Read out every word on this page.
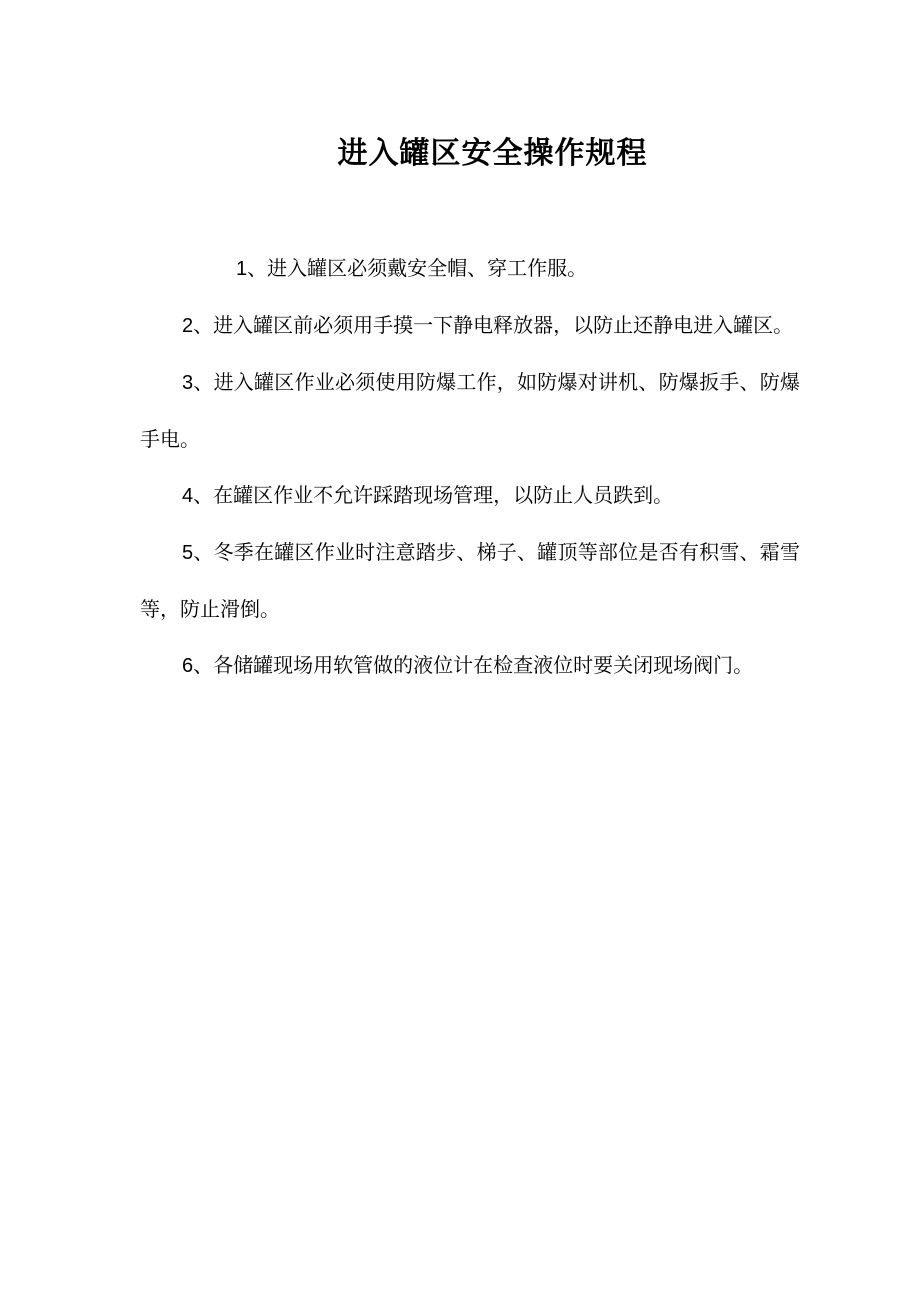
进入罐区安全操作规程

1、进入罐区必须戴安全帽、穿工作服。

2、进入罐区前必须用手摸一下静电释放器，以防止还静电进入罐区。

3、进入罐区作业必须使用防爆工作，如防爆对讲机、防爆扳手、防爆手电。

4、在罐区作业不允许踩踏现场管理，以防止人员跌到。

5、冬季在罐区作业时注意踏步、梯子、罐顶等部位是否有积雪、霜雪等，防止滑倒。

6、各储罐现场用软管做的液位计在检查液位时要关闭现场阀门。
